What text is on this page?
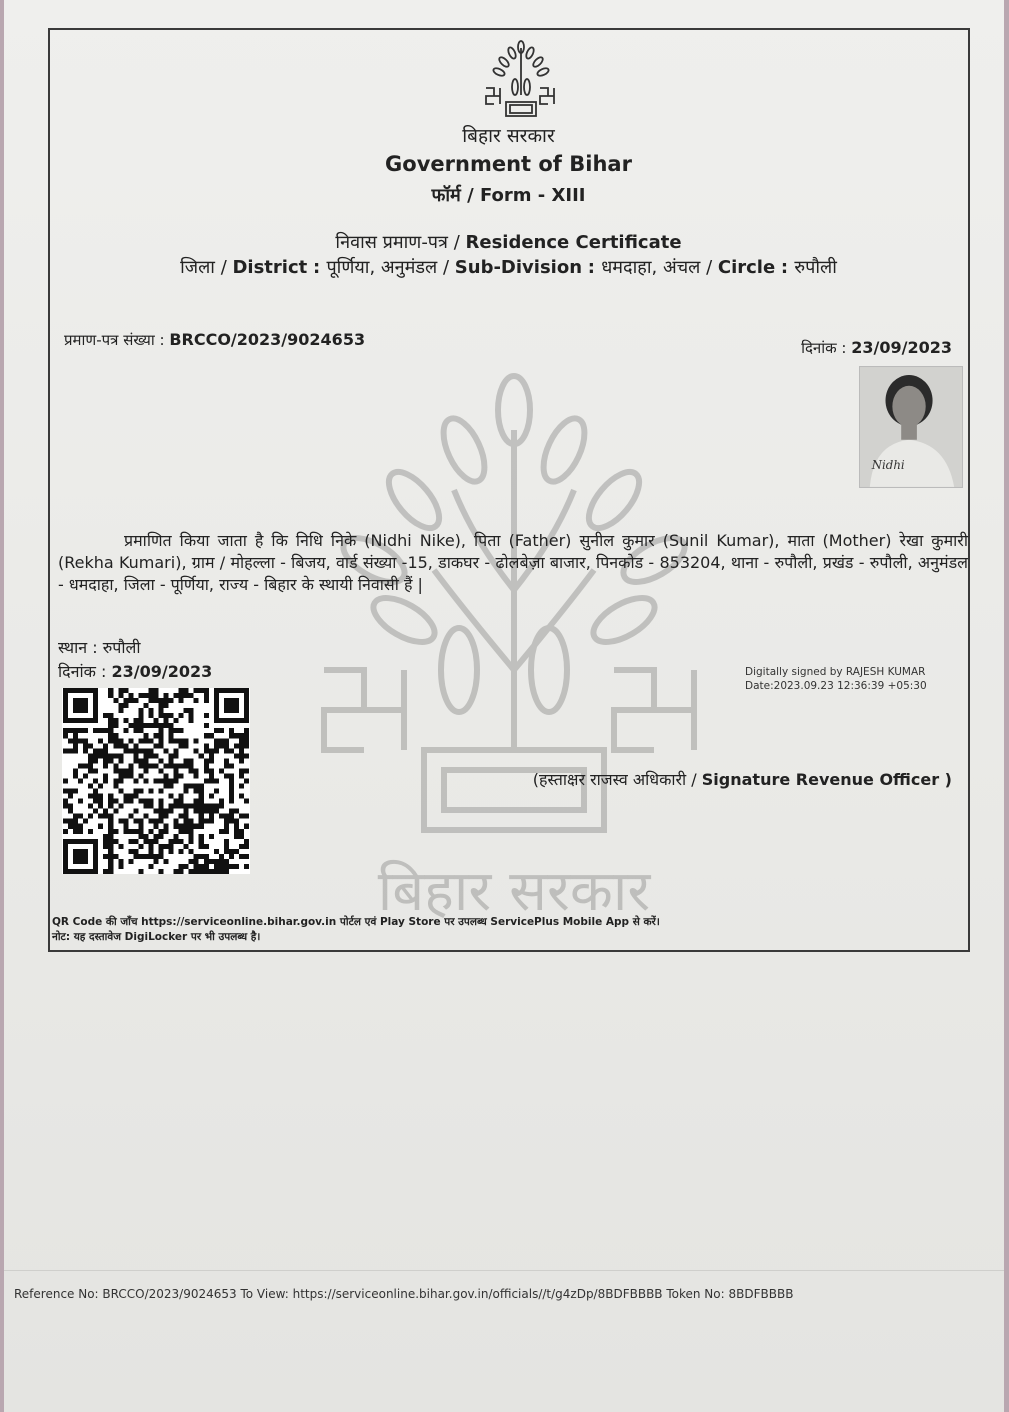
बिहार सरकार
बिहार सरकार
Government of Bihar
फॉर्म / Form - XIII
निवास प्रमाण-पत्र / Residence Certificate
जिला / District : पूर्णिया, अनुमंडल / Sub-Division : धमदाहा, अंचल / Circle : रुपौली
प्रमाण-पत्र संख्या : BRCCO/2023/9024653	दिनांक : 23/09/2023
Nidhi

प्रमाणित किया जाता है कि निधि निके (Nidhi Nike), पिता (Father) सुनील कुमार (Sunil Kumar), माता (Mother) रेखा कुमारी (Rekha Kumari), ग्राम / मोहल्ला - बिजय, वार्ड संख्या -15, डाकघर - ढोलबेज़ा बाजार, पिनकोड - 853204, थाना - रुपौली, प्रखंड - रुपौली, अनुमंडल - धमदाहा, जिला - पूर्णिया, राज्य - बिहार के स्थायी निवासी हैं |

स्थान : रुपौली
दिनांक : 23/09/2023	Digitally signed by RAJESH KUMAR
Date:2023.09.23 12:36:39 +05:30
(हस्ताक्षर राजस्व अधिकारी / Signature Revenue Officer )
QR Code की जाँच https://serviceonline.bihar.gov.in पोर्टल एवं Play Store पर उपलब्ध ServicePlus Mobile App से करें।
नोट: यह दस्तावेज DigiLocker पर भी उपलब्ध है।
Reference No: BRCCO/2023/9024653 To View: https://serviceonline.bihar.gov.in/officials//t/g4zDp/8BDFBBBB Token No: 8BDFBBBB
